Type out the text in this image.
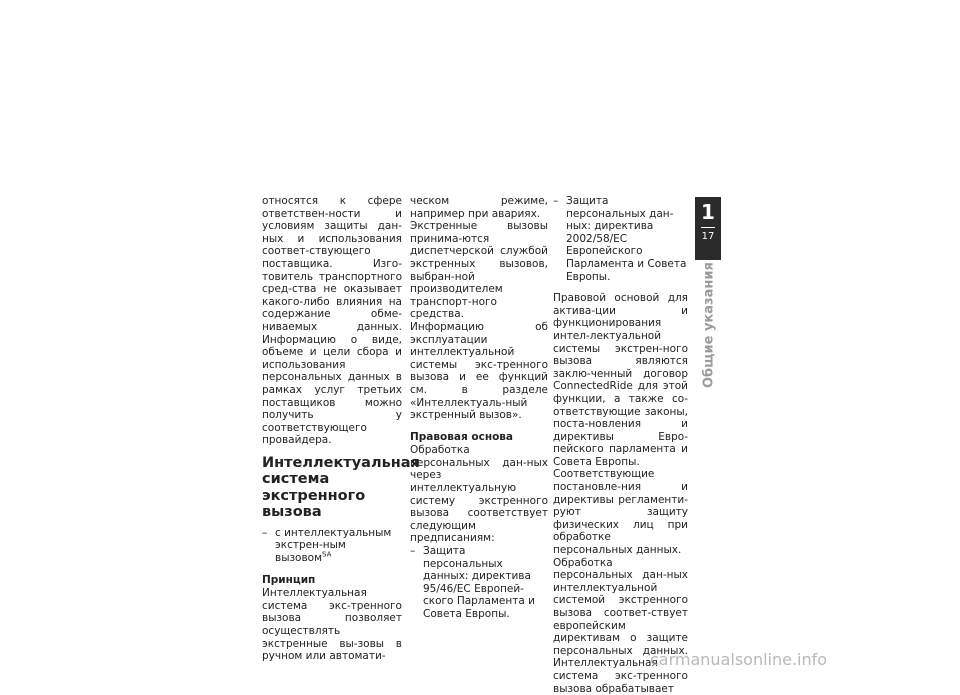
относятся к сфере ответствен-ности и условиям защиты дан-ных и использования соответ-ствующего поставщика. Изго-товитель транспортного сред-ства не оказывает какого-либо влияния на содержание обме-ниваемых данных. Информацию о виде, объеме и цели сбора и использования персональных данных в рамках услуг третьих поставщиков можно получить у соответствующего провайдера.

Интеллектуальная система экстренного вызова
– с интеллектуальным экстрен-ным вызовом$^{SA}$
Принцип

Интеллектуальная система экс-тренного вызова позволяет осуществлять экстренные вы-зовы в ручном или автомати-

ческом режиме, например при авариях.

Экстренные вызовы принима-ются диспетчерской службой экстренных вызовов, выбран-ной производителем транспорт-ного средства.

Информацию об эксплуатации интеллектуальной системы экс-тренного вызова и ее функций см. в разделе «Интеллектуаль-ный экстренный вызов».

Правовая основа

Обработка персональных дан-ных через интеллектуальную систему экстренного вызова соответствует следующим предписаниям:

– Защита персональных данных: директива 95/46/ЕС Европей-ского Парламента и Совета Европы.
– Защита персональных дан-ных: директива 2002/58/ЕС Европейского Парламента и Совета Европы.

Правовой основой для актива-ции и функционирования интел-лектуальной системы экстрен-ного вызова являются заклю-ченный договор ConnectedRide для этой функции, а также со-ответствующие законы, поста-новления и директивы Евро-пейского парламента и Совета Европы.

Соответствующие постановле-ния и директивы регламенти-руют защиту физических лиц при обработке персональных данных.

Обработка персональных дан-ных интеллектуальной системой экстренного вызова соответ-ствует европейским директивам о защите персональных данных. Интеллектуальная система экс-тренного вызова обрабатывает

1
17
Общие указания
carmanualsonline.info
